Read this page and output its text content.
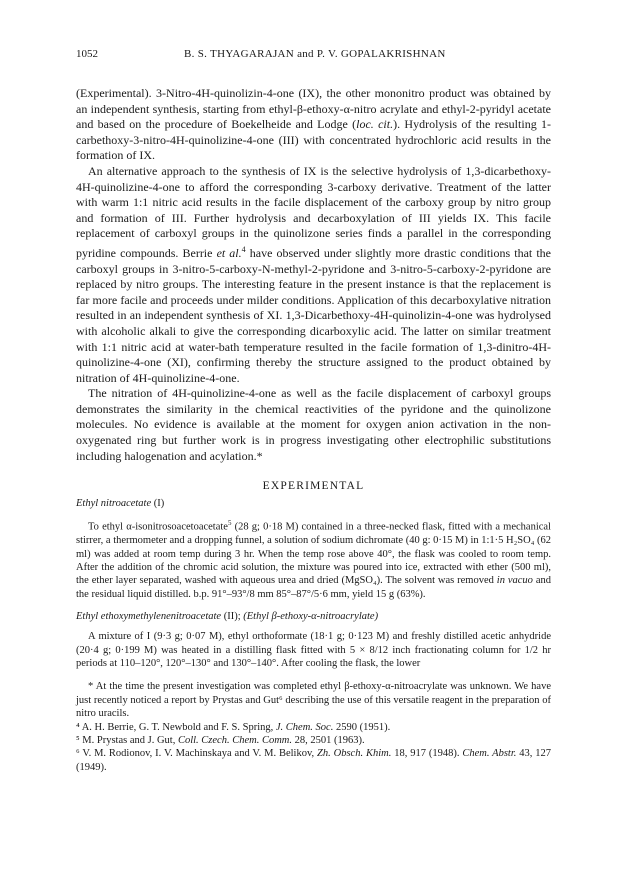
1052	B. S. THYAGARAJAN and P. V. GOPALAKRISHNAN

(Experimental). 3-Nitro-4H-quinolizin-4-one (IX), the other mononitro product was obtained by an independent synthesis, starting from ethyl-β-ethoxy-α-nitro acrylate and ethyl-2-pyridyl acetate and based on the procedure of Boekelheide and Lodge (loc. cit.). Hydrolysis of the resulting 1-carbethoxy-3-nitro-4H-quinolizine-4-one (III) with concentrated hydrochloric acid results in the formation of IX.

An alternative approach to the synthesis of IX is the selective hydrolysis of 1,3-dicarbethoxy-4H-quinolizine-4-one to afford the corresponding 3-carboxy derivative. Treatment of the latter with warm 1:1 nitric acid results in the facile displacement of the carboxy group by nitro group and formation of III. Further hydrolysis and decarboxylation of III yields IX. This facile replacement of carboxyl groups in the quinolizone series finds a parallel in the corresponding pyridine compounds. Berrie et al.$^4$ have observed under slightly more drastic conditions that the carboxyl groups in 3-nitro-5-carboxy-N-methyl-2-pyridone and 3-nitro-5-carboxy-2-pyridone are replaced by nitro groups. The interesting feature in the present instance is that the replacement is far more facile and proceeds under milder conditions. Application of this decarboxylative nitration resulted in an independent synthesis of XI. 1,3-Dicarbethoxy-4H-quinolizin-4-one was hydrolysed with alcoholic alkali to give the corresponding dicarboxylic acid. The latter on similar treatment with 1:1 nitric acid at water-bath temperature resulted in the facile formation of 1,3-dinitro-4H-quinolizine-4-one (XI), confirming thereby the structure assigned to the product obtained by nitration of 4H-quinolizine-4-one.

The nitration of 4H-quinolizine-4-one as well as the facile displacement of carboxyl groups demonstrates the similarity in the chemical reactivities of the pyridone and the quinolizone molecules. No evidence is available at the moment for oxygen anion activation in the non-oxygenated ring but further work is in progress investigating other electrophilic substitutions including halogenation and acylation.*

EXPERIMENTAL
Ethyl nitroacetate (I)

To ethyl α-isonitrosoacetoacetate$^5$ (28 g; 0·18 M) contained in a three-necked flask, fitted with a mechanical stirrer, a thermometer and a dropping funnel, a solution of sodium dichromate (40 g: 0·15 M) in 1:1·5 H₂SO₄ (62 ml) was added at room temp during 3 hr. When the temp rose above 40°, the flask was cooled to room temp. After the addition of the chromic acid solution, the mixture was poured into ice, extracted with ether (500 ml), the ether layer separated, washed with aqueous urea and dried (MgSO₄). The solvent was removed in vacuo and the residual liquid distilled. b.p. 91°–93°/8 mm 85°–87°/5·6 mm, yield 15 g (63%).

Ethyl ethoxymethylenenitroacetate (II); (Ethyl β-ethoxy-α-nitroacrylate)

A mixture of I (9·3 g; 0·07 M), ethyl orthoformate (18·1 g; 0·123 M) and freshly distilled acetic anhydride (20·4 g; 0·199 M) was heated in a distilling flask fitted with 5 × 8/12 inch fractionating column for 1/2 hr periods at 110–120°, 120°–130° and 130°–140°. After cooling the flask, the lower

* At the time the present investigation was completed ethyl β-ethoxy-α-nitroacrylate was unknown. We have just recently noticed a report by Prystas and Gut⁶ describing the use of this versatile reagent in the preparation of nitro uracils.

⁴ A. H. Berrie, G. T. Newbold and F. S. Spring, J. Chem. Soc. 2590 (1951).

⁵ M. Prystas and J. Gut, Coll. Czech. Chem. Comm. 28, 2501 (1963).

⁶ V. M. Rodionov, I. V. Machinskaya and V. M. Belikov, Zh. Obsch. Khim. 18, 917 (1948). Chem. Abstr. 43, 127 (1949).
